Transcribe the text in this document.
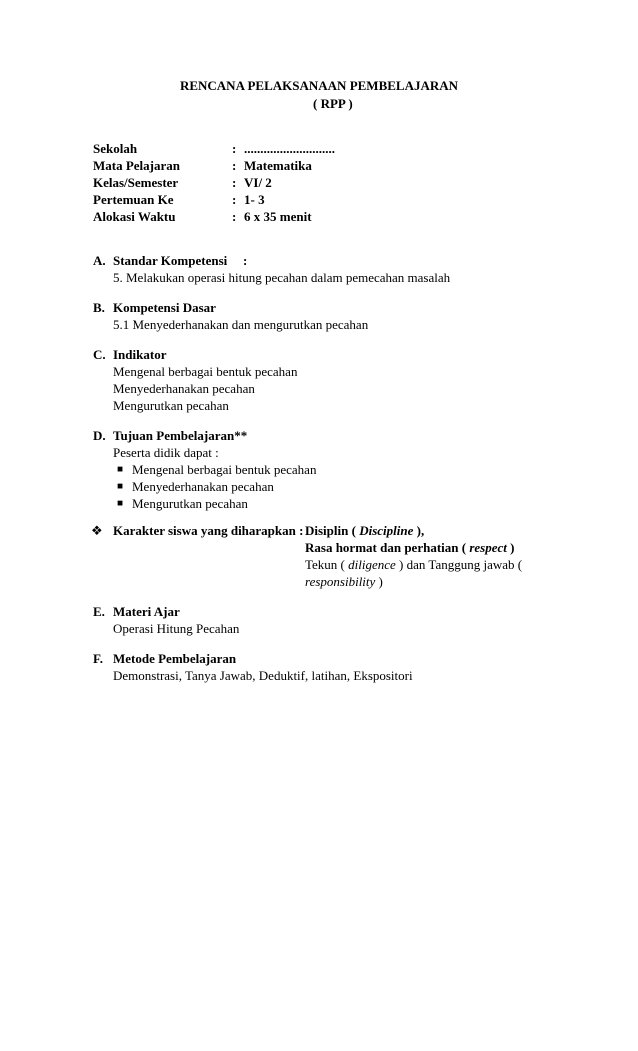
RENCANA PELAKSANAAN PEMBELAJARAN
( RPP )
Sekolah	: ............................
Mata Pelajaran	: Matematika
Kelas/Semester	: VI/ 2
Pertemuan Ke	: 1- 3
Alokasi Waktu	: 6 x 35 menit
A. Standar Kompetensi :
5. Melakukan operasi hitung pecahan dalam pemecahan masalah
B. Kompetensi Dasar
5.1 Menyederhanakan dan mengurutkan pecahan
C. Indikator
Mengenal berbagai bentuk pecahan
Menyederhanakan pecahan
Mengurutkan pecahan
D. Tujuan Pembelajaran**
Peserta didik dapat :
■ Mengenal berbagai bentuk pecahan
■ Menyederhanakan pecahan
■ Mengurutkan pecahan
❖ Karakter siswa yang diharapkan : Disiplin ( Discipline ),
Rasa hormat dan perhatian ( respect )
Tekun ( diligence ) dan Tanggung jawab (
responsibility )
E. Materi Ajar
Operasi Hitung Pecahan
F. Metode Pembelajaran
Demonstrasi, Tanya Jawab, Deduktif, latihan, Ekspositori
